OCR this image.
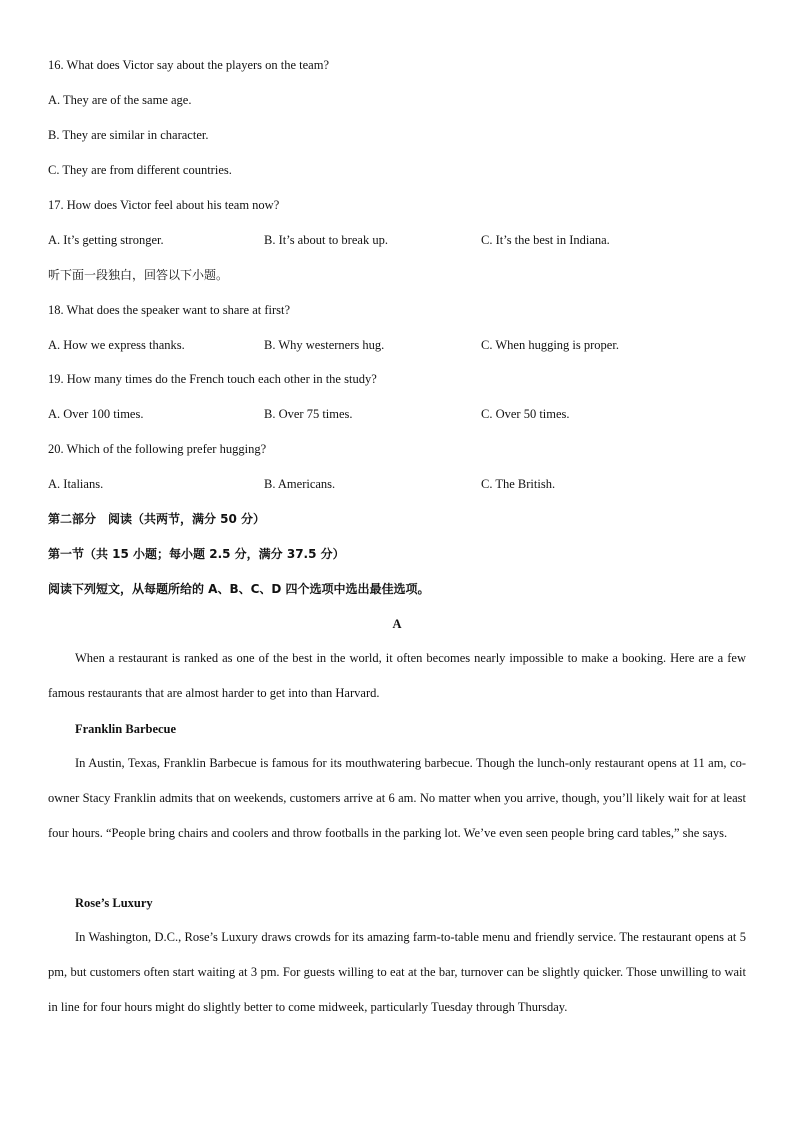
16. What does Victor say about the players on the team?
A. They are of the same age.
B. They are similar in character.
C. They are from different countries.
17. How does Victor feel about his team now?
A. It’s getting stronger.	B. It’s about to break up.	C. It’s the best in Indiana.
听下面一段独白，回答以下小题。
18. What does the speaker want to share at first?
A. How we express thanks.	B. Why westerners hug.	C. When hugging is proper.
19. How many times do the French touch each other in the study?
A. Over 100 times.	B. Over 75 times.	C. Over 50 times.
20. Which of the following prefer hugging?
A. Italians.	B. Americans.	C. The British.
第二部分　阅读（共两节，满分 50 分）
第一节（共 15 小题；每小题 2.5 分，满分 37.5 分）
阅读下列短文，从每题所给的 A、B、C、D 四个选项中选出最佳选项。
A
When a restaurant is ranked as one of the best in the world, it often becomes nearly impossible to make a booking. Here are a few famous restaurants that are almost harder to get into than Harvard.
Franklin Barbecue
In Austin, Texas, Franklin Barbecue is famous for its mouthwatering barbecue. Though the lunch-only restaurant opens at 11 am, co-owner Stacy Franklin admits that on weekends, customers arrive at 6 am. No matter when you arrive, though, you’ll likely wait for at least four hours. “People bring chairs and coolers and throw footballs in the parking lot. We’ve even seen people bring card tables,” she says.
Rose’s Luxury
In Washington, D.C., Rose’s Luxury draws crowds for its amazing farm-to-table menu and friendly service. The restaurant opens at 5 pm, but customers often start waiting at 3 pm. For guests willing to eat at the bar, turnover can be slightly quicker. Those unwilling to wait in line for four hours might do slightly better to come midweek, particularly Tuesday through Thursday.
